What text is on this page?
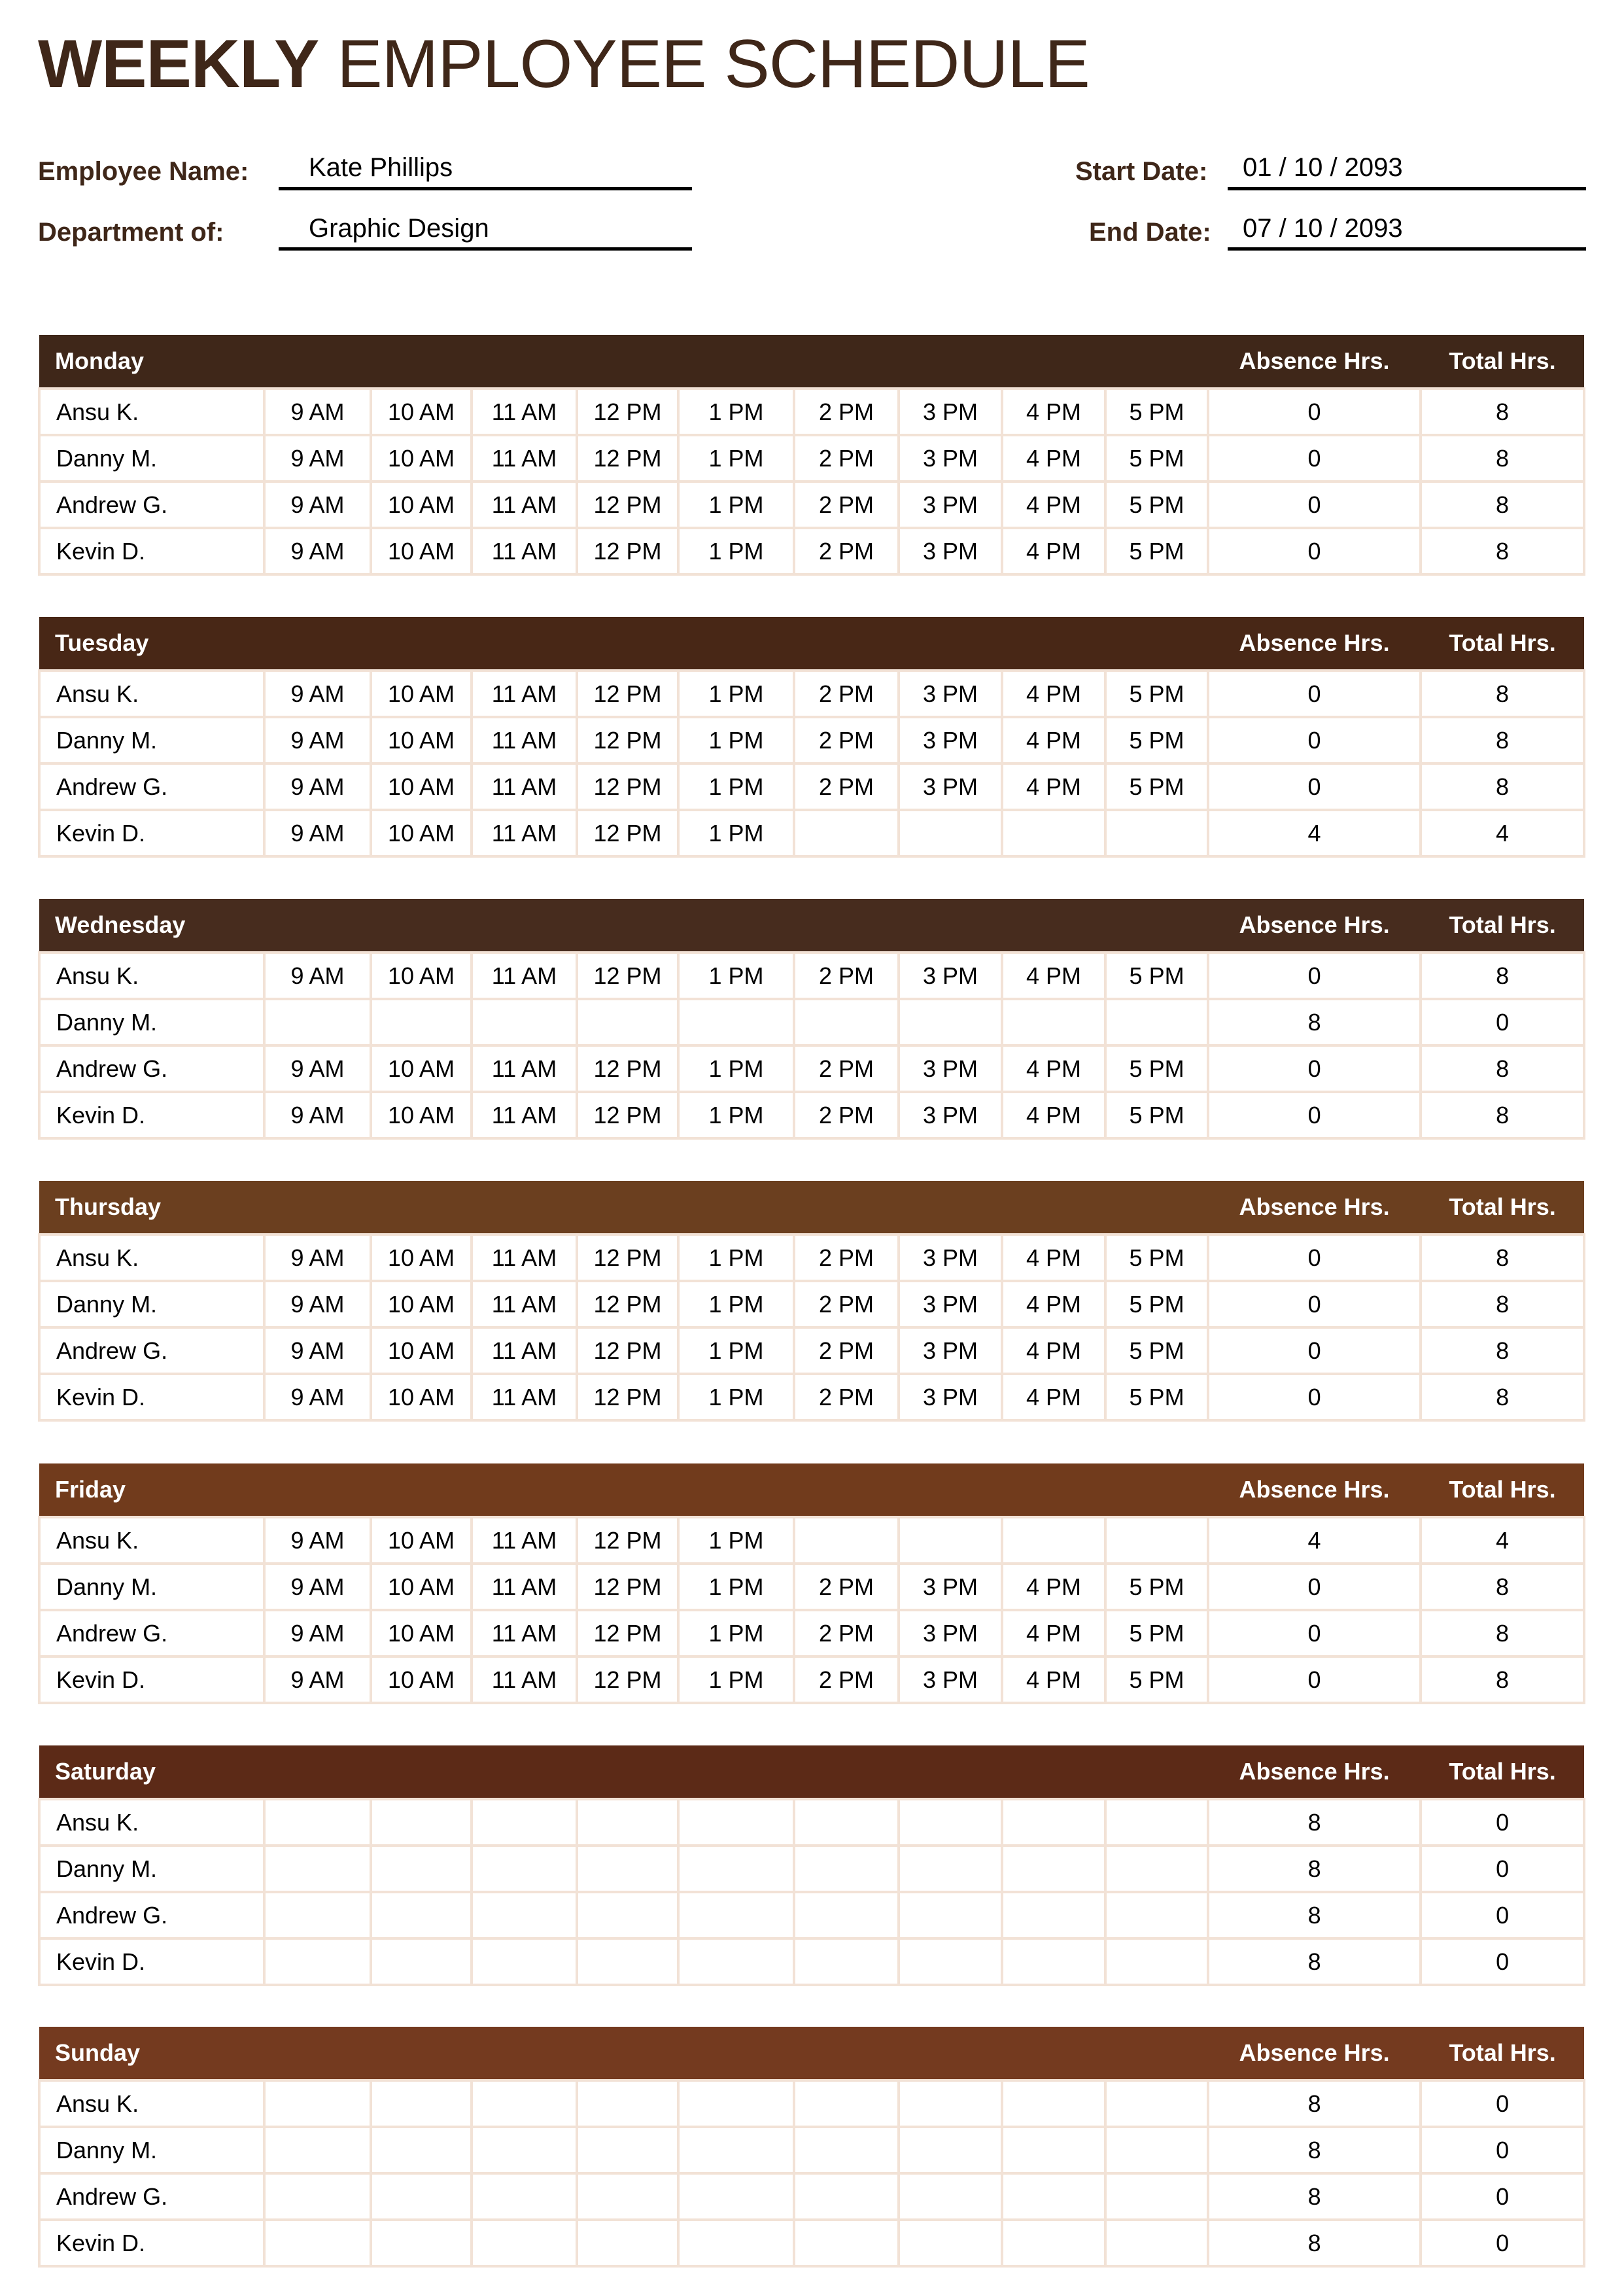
WEEKLY EMPLOYEE SCHEDULE
Employee Name: Kate Phillips
Department of:	Graphic Design
Start Date: 01 / 10 / 2093
End Date: 07 / 10 / 2093
Monday										Absence Hrs.	Total Hrs.
Ansu K.	9 AM	10 AM	11 AM	12 PM	1 PM	2 PM	3 PM	4 PM	5 PM	0	8
Danny M.	9 AM	10 AM	11 AM	12 PM	1 PM	2 PM	3 PM	4 PM	5 PM	0	8
Andrew G.	9 AM	10 AM	11 AM	12 PM	1 PM	2 PM	3 PM	4 PM	5 PM	0	8
Kevin D.	9 AM	10 AM	11 AM	12 PM	1 PM	2 PM	3 PM	4 PM	5 PM	0	8
Tuesday										Absence Hrs.	Total Hrs.
Ansu K.	9 AM	10 AM	11 AM	12 PM	1 PM	2 PM	3 PM	4 PM	5 PM	0	8
Danny M.	9 AM	10 AM	11 AM	12 PM	1 PM	2 PM	3 PM	4 PM	5 PM	0	8
Andrew G.	9 AM	10 AM	11 AM	12 PM	1 PM	2 PM	3 PM	4 PM	5 PM	0	8
Kevin D.	9 AM	10 AM	11 AM	12 PM	1 PM					4	4
Wednesday										Absence Hrs.	Total Hrs.
Ansu K.	9 AM	10 AM	11 AM	12 PM	1 PM	2 PM	3 PM	4 PM	5 PM	0	8
Danny M.										8	0
Andrew G.	9 AM	10 AM	11 AM	12 PM	1 PM	2 PM	3 PM	4 PM	5 PM	0	8
Kevin D.	9 AM	10 AM	11 AM	12 PM	1 PM	2 PM	3 PM	4 PM	5 PM	0	8
Thursday										Absence Hrs.	Total Hrs.
Ansu K.	9 AM	10 AM	11 AM	12 PM	1 PM	2 PM	3 PM	4 PM	5 PM	0	8
Danny M.	9 AM	10 AM	11 AM	12 PM	1 PM	2 PM	3 PM	4 PM	5 PM	0	8
Andrew G.	9 AM	10 AM	11 AM	12 PM	1 PM	2 PM	3 PM	4 PM	5 PM	0	8
Kevin D.	9 AM	10 AM	11 AM	12 PM	1 PM	2 PM	3 PM	4 PM	5 PM	0	8
Friday										Absence Hrs.	Total Hrs.
Ansu K.	9 AM	10 AM	11 AM	12 PM	1 PM					4	4
Danny M.	9 AM	10 AM	11 AM	12 PM	1 PM	2 PM	3 PM	4 PM	5 PM	0	8
Andrew G.	9 AM	10 AM	11 AM	12 PM	1 PM	2 PM	3 PM	4 PM	5 PM	0	8
Kevin D.	9 AM	10 AM	11 AM	12 PM	1 PM	2 PM	3 PM	4 PM	5 PM	0	8
Saturday										Absence Hrs.	Total Hrs.
Ansu K.										8	0
Danny M.										8	0
Andrew G.										8	0
Kevin D.										8	0
Sunday										Absence Hrs.	Total Hrs.
Ansu K.										8	0
Danny M.										8	0
Andrew G.										8	0
Kevin D.										8	0
